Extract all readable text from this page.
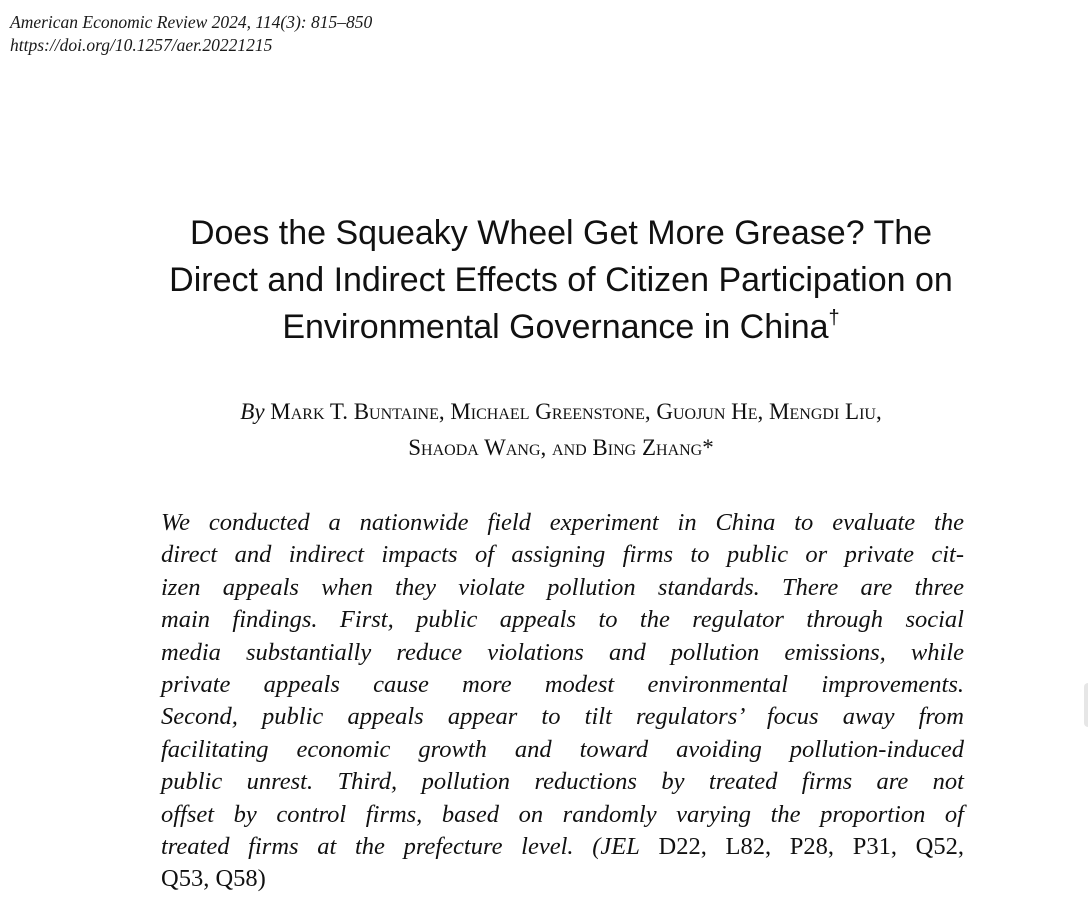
American Economic Review 2024, 114(3): 815–850
https://doi.org/10.1257/aer.20221215
Does the Squeaky Wheel Get More Grease? The
Direct and Indirect Effects of Citizen Participation on
Environmental Governance in China†
By Mark T. Buntaine, Michael Greenstone, Guojun He, Mengdi Liu,
Shaoda Wang, and Bing Zhang*
We conducted a nationwide field experiment in China to evaluate the
direct and indirect impacts of assigning firms to public or private cit-
izen appeals when they violate pollution standards. There are three
main findings. First, public appeals to the regulator through social
media substantially reduce violations and pollution emissions, while
private appeals cause more modest environmental improvements.
Second, public appeals appear to tilt regulators’ focus away from
facilitating economic growth and toward avoiding pollution-induced
public unrest. Third, pollution reductions by treated firms are not
offset by control firms, based on randomly varying the proportion of
treated firms at the prefecture level. (JEL D22, L82, P28, P31, Q52,
Q53, Q58)
